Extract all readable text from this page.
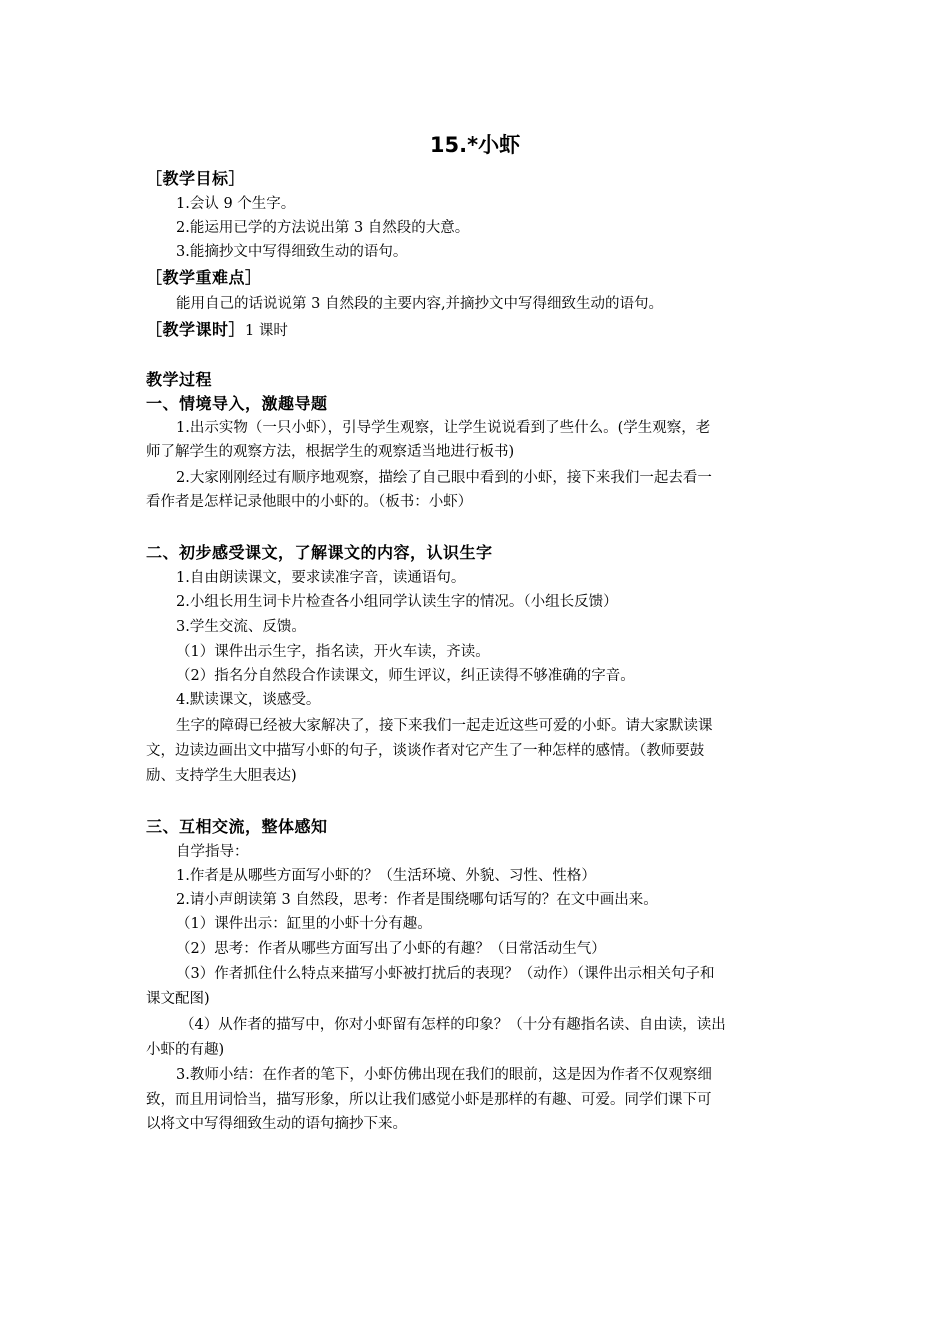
15.*小虾
［教学目标］
1.会认 9 个生字。
2.能运用已学的方法说出第 3 自然段的大意。
3.能摘抄文中写得细致生动的语句。
［教学重难点］
能用自己的话说说第 3 自然段的主要内容,并摘抄文中写得细致生动的语句。
［教学课时］1 课时
教学过程
一、情境导入，激趣导题
1.出示实物（一只小虾），引导学生观察，让学生说说看到了些什么。(学生观察，老
师了解学生的观察方法，根据学生的观察适当地进行板书)
2.大家刚刚经过有顺序地观察，描绘了自己眼中看到的小虾，接下来我们一起去看一
看作者是怎样记录他眼中的小虾的。（板书：小虾）
二、初步感受课文，了解课文的内容，认识生字
1.自由朗读课文，要求读准字音，读通语句。
2.小组长用生词卡片检查各小组同学认读生字的情况。（小组长反馈）
3.学生交流、反馈。
（1）课件出示生字，指名读，开火车读，齐读。
（2）指名分自然段合作读课文，师生评议，纠正读得不够准确的字音。
4.默读课文，谈感受。
生字的障碍已经被大家解决了，接下来我们一起走近这些可爱的小虾。请大家默读课
文，边读边画出文中描写小虾的句子，谈谈作者对它产生了一种怎样的感情。（教师要鼓
励、支持学生大胆表达)
三、互相交流，整体感知
自学指导：
1.作者是从哪些方面写小虾的？（生活环境、外貌、习性、性格）
2.请小声朗读第 3 自然段，思考：作者是围绕哪句话写的？在文中画出来。
（1）课件出示：缸里的小虾十分有趣。
（2）思考：作者从哪些方面写出了小虾的有趣？（日常活动生气）
（3）作者抓住什么特点来描写小虾被打扰后的表现？（动作）（课件出示相关句子和
课文配图)
（4）从作者的描写中，你对小虾留有怎样的印象？（十分有趣指名读、自由读，读出
小虾的有趣)
3.教师小结：在作者的笔下，小虾仿佛出现在我们的眼前，这是因为作者不仅观察细
致，而且用词恰当，描写形象，所以让我们感觉小虾是那样的有趣、可爱。同学们课下可
以将文中写得细致生动的语句摘抄下来。
